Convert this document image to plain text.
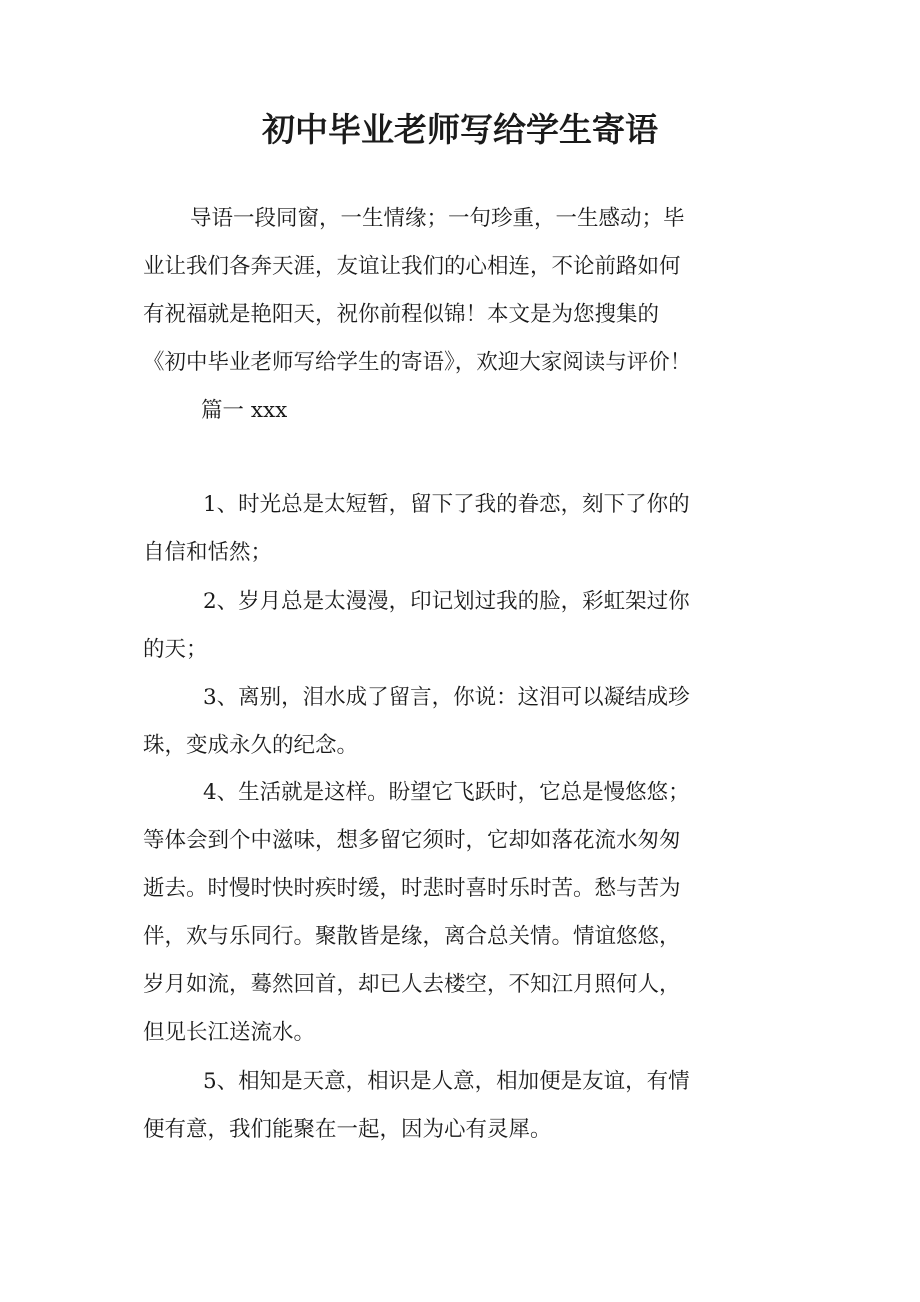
初中毕业老师写给学生寄语
导语一段同窗，一生情缘；一句珍重，一生感动；毕
业让我们各奔天涯，友谊让我们的心相连，不论前路如何
有祝福就是艳阳天，祝你前程似锦！本文是为您搜集的
《初中毕业老师写给学生的寄语》，欢迎大家阅读与评价！
篇一 xxx
1、时光总是太短暂，留下了我的眷恋，刻下了你的
自信和恬然；
2、岁月总是太漫漫，印记划过我的脸，彩虹架过你
的天；
3、离别，泪水成了留言，你说：这泪可以凝结成珍
珠，变成永久的纪念。
4、生活就是这样。盼望它飞跃时，它总是慢悠悠；
等体会到个中滋味，想多留它须时，它却如落花流水匆匆
逝去。时慢时快时疾时缓，时悲时喜时乐时苦。愁与苦为
伴，欢与乐同行。聚散皆是缘，离合总关情。情谊悠悠，
岁月如流，蓦然回首，却已人去楼空，不知江月照何人，
但见长江送流水。
5、相知是天意，相识是人意，相加便是友谊，有情
便有意，我们能聚在一起，因为心有灵犀。
